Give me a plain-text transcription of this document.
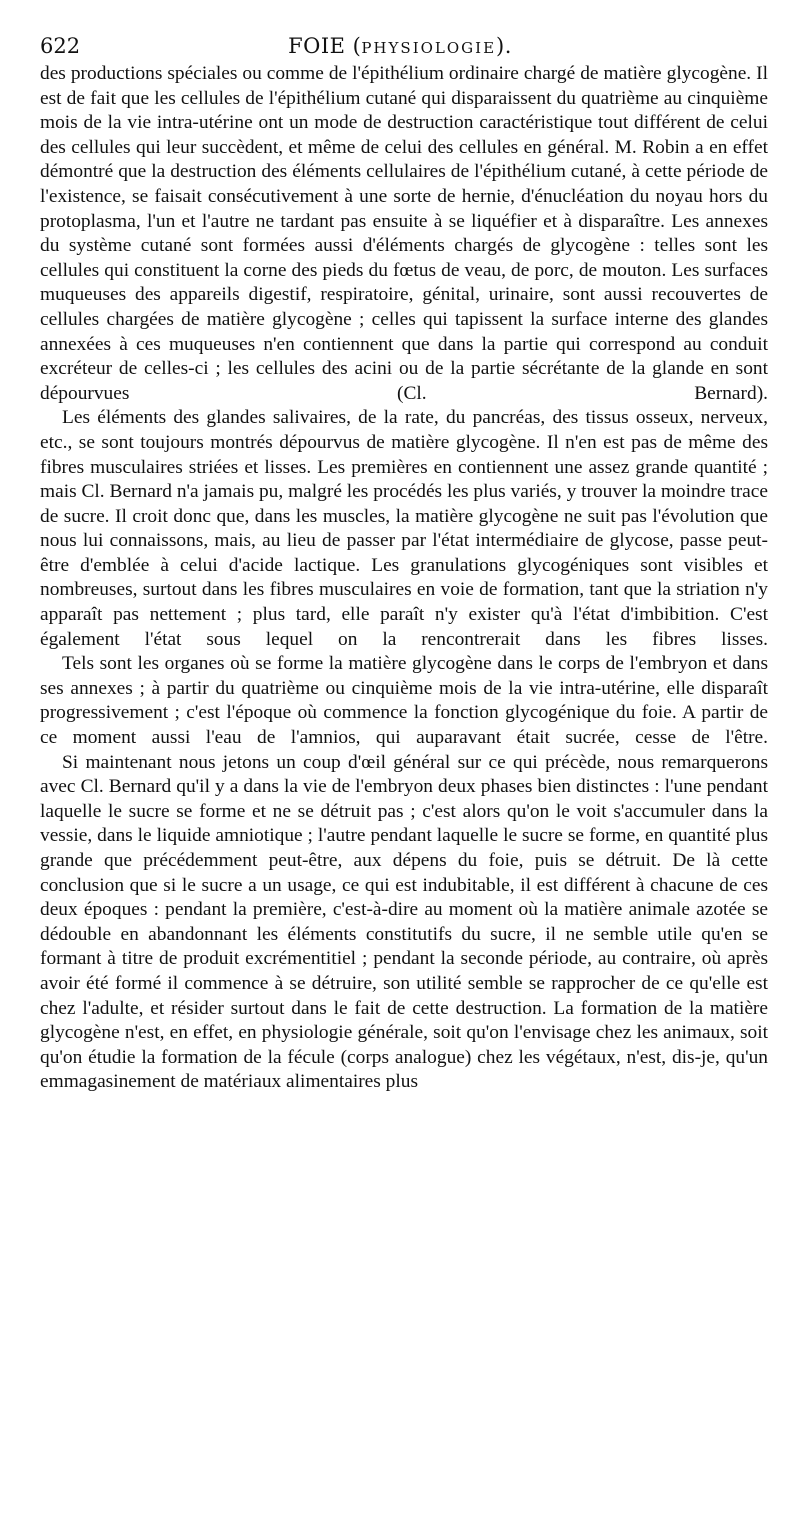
622	FOIE (PHYSIOLOGIE).

des productions spéciales ou comme de l'épithélium ordinaire chargé de matière glycogène. Il est de fait que les cellules de l'épithélium cutané qui disparaissent du quatrième au cinquième mois de la vie intra-utérine ont un mode de destruction caractéristique tout différent de celui des cellules qui leur succèdent, et même de celui des cellules en général. M. Robin a en effet démontré que la destruction des éléments cellulaires de l'épithélium cutané, à cette période de l'existence, se faisait consécutivement à une sorte de hernie, d'énucléation du noyau hors du protoplasma, l'un et l'autre ne tardant pas ensuite à se liquéfier et à disparaître. Les annexes du système cutané sont formées aussi d'éléments chargés de glycogène : telles sont les cellules qui constituent la corne des pieds du fœtus de veau, de porc, de mouton. Les surfaces muqueuses des appareils digestif, respiratoire, génital, urinaire, sont aussi recouvertes de cellules chargées de matière glycogène ; celles qui tapissent la surface interne des glandes annexées à ces muqueuses n'en contiennent que dans la partie qui correspond au conduit excréteur de celles-ci ; les cellules des acini ou de la partie sécrétante de la glande en sont dépourvues (Cl. Bernard).

Les éléments des glandes salivaires, de la rate, du pancréas, des tissus osseux, nerveux, etc., se sont toujours montrés dépourvus de matière glycogène. Il n'en est pas de même des fibres musculaires striées et lisses. Les premières en contiennent une assez grande quantité ; mais Cl. Bernard n'a jamais pu, malgré les procédés les plus variés, y trouver la moindre trace de sucre. Il croit donc que, dans les muscles, la matière glycogène ne suit pas l'évolution que nous lui connaissons, mais, au lieu de passer par l'état intermédiaire de glycose, passe peut-être d'emblée à celui d'acide lactique. Les granulations glycogéniques sont visibles et nombreuses, surtout dans les fibres musculaires en voie de formation, tant que la striation n'y apparaît pas nettement ; plus tard, elle paraît n'y exister qu'à l'état d'imbibition. C'est également l'état sous lequel on la rencontrerait dans les fibres lisses.

Tels sont les organes où se forme la matière glycogène dans le corps de l'embryon et dans ses annexes ; à partir du quatrième ou cinquième mois de la vie intra-utérine, elle disparaît progressivement ; c'est l'époque où commence la fonction glycogénique du foie. A partir de ce moment aussi l'eau de l'amnios, qui auparavant était sucrée, cesse de l'être.

Si maintenant nous jetons un coup d'œil général sur ce qui précède, nous remarquerons avec Cl. Bernard qu'il y a dans la vie de l'embryon deux phases bien distinctes : l'une pendant laquelle le sucre se forme et ne se détruit pas ; c'est alors qu'on le voit s'accumuler dans la vessie, dans le liquide amniotique ; l'autre pendant laquelle le sucre se forme, en quantité plus grande que précédemment peut-être, aux dépens du foie, puis se détruit. De là cette conclusion que si le sucre a un usage, ce qui est indubitable, il est différent à chacune de ces deux époques : pendant la première, c'est-à-dire au moment où la matière animale azotée se dédouble en abandonnant les éléments constitutifs du sucre, il ne semble utile qu'en se formant à titre de produit excrémentitiel ; pendant la seconde période, au contraire, où après avoir été formé il commence à se détruire, son utilité semble se rapprocher de ce qu'elle est chez l'adulte, et résider surtout dans le fait de cette destruction. La formation de la matière glycogène n'est, en effet, en physiologie générale, soit qu'on l'envisage chez les animaux, soit qu'on étudie la formation de la fécule (corps analogue) chez les végétaux, n'est, dis-je, qu'un emmagasinement de matériaux alimentaires plus
